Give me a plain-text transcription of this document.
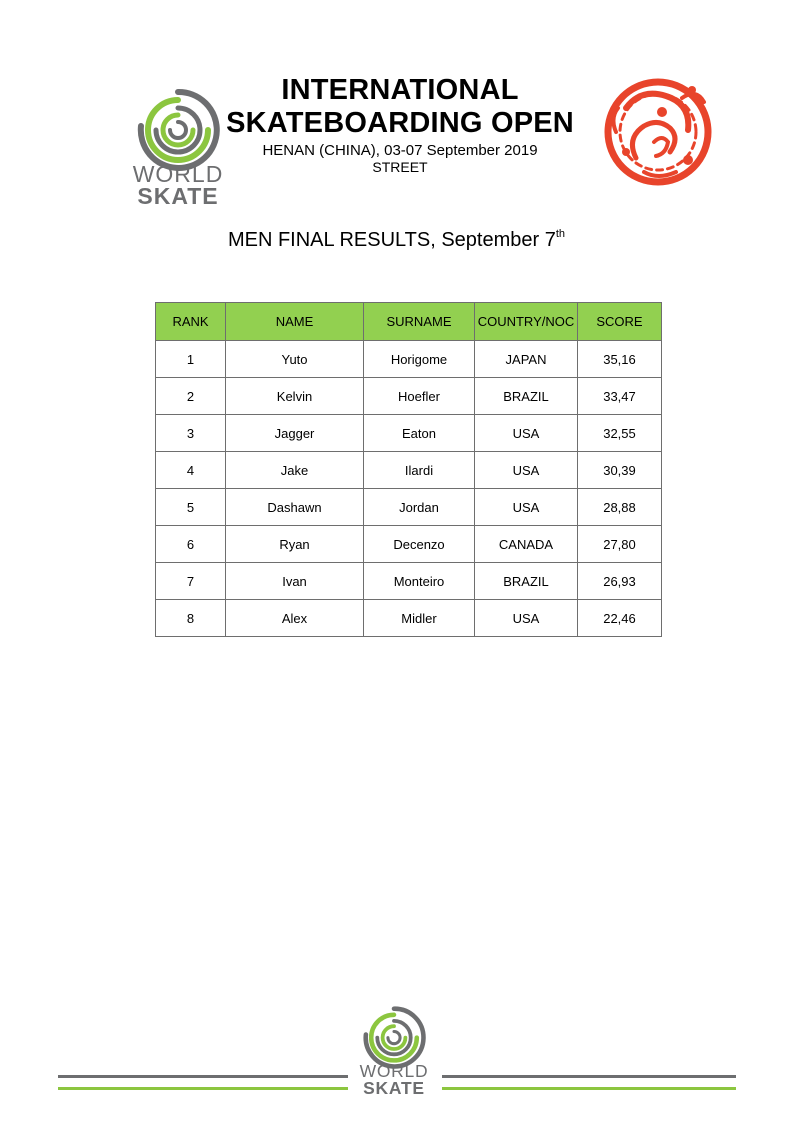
WORLD
SKATE
INTERNATIONAL
SKATEBOARDING OPEN
HENAN (CHINA), 03-07 September 2019
STREET
MEN FINAL RESULTS, September 7th
RANK	NAME	SURNAME	COUNTRY/NOC	SCORE
1	Yuto	Horigome	JAPAN	35,16
2	Kelvin	Hoefler	BRAZIL	33,47
3	Jagger	Eaton	USA	32,55
4	Jake	Ilardi	USA	30,39
5	Dashawn	Jordan	USA	28,88
6	Ryan	Decenzo	CANADA	27,80
7	Ivan	Monteiro	BRAZIL	26,93
8	Alex	Midler	USA	22,46
WORLD
SKATE
